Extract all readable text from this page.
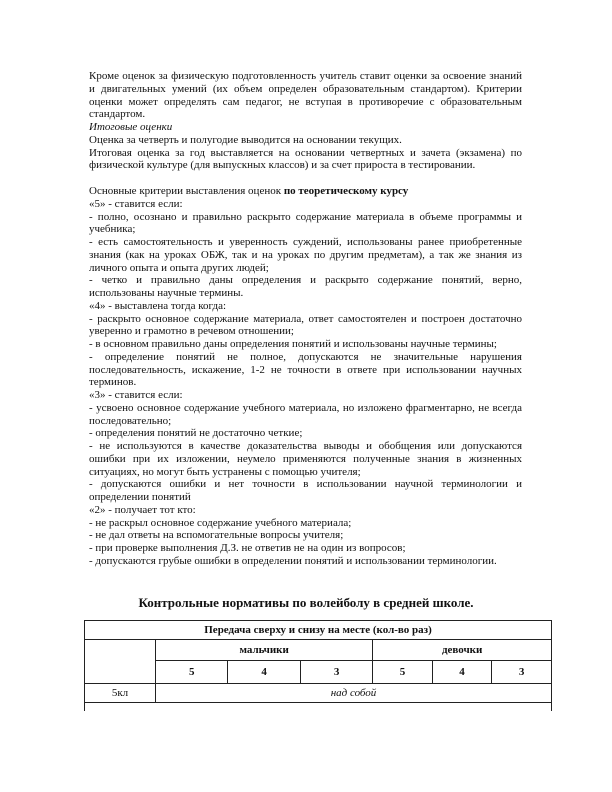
Кроме оценок за физическую подготовленность учитель ставит оценки за освоение знаний и двигательных умений (их объем определен образовательным стандартом). Критерии оценки может определять сам педагог, не вступая в противоречие с образовательным стандартом.

Итоговые оценки

Оценка за четверть и полугодие выводится на основании текущих.

Итоговая оценка за год выставляется на основании четвертных и зачета (экзамена) по физической культуре (для выпускных классов) и за счет прироста в тестировании.

Основные критерии выставления оценок по теоретическому курсу

«5» - ставится если:

- полно, осознано и правильно раскрыто содержание материала в объеме программы и учебника;

- есть самостоятельность и уверенность суждений, использованы ранее приобретенные знания (как на уроках ОБЖ, так и на уроках по другим предметам), а так же знания из личного опыта и опыта других людей;

- четко и правильно даны определения и раскрыто содержание понятий, верно, использованы научные термины.

«4» - выставлена тогда когда:

- раскрыто основное содержание материала, ответ самостоятелен и построен достаточно уверенно и грамотно в речевом отношении;

- в основном правильно даны определения понятий и использованы научные термины;

- определение понятий не полное, допускаются не значительные нарушения последовательность, искажение, 1-2 не точности в ответе при использовании научных терминов.

«3» - ставится если:

- усвоено основное содержание учебного материала, но изложено фрагментарно, не всегда последовательно;

- определения понятий не достаточно четкие;

- не используются в качестве доказательства выводы и обобщения или допускаются ошибки при их изложении, неумело применяются полученные знания в жизненных ситуациях, но могут быть устранены с помощью учителя;

- допускаются ошибки и нет точности в использовании научной терминологии и определении понятий

«2» - получает тот кто:

- не раскрыл основное содержание учебного материала;

- не дал ответы на вспомогательные вопросы учителя;

- при проверке выполнения Д.З. не ответив не на один из вопросов;

- допускаются грубые ошибки в определении понятий и использовании терминологии.

Контрольные нормативы по волейболу в средней школе.
Передача сверху и снизу на месте (кол-во раз)						
	мальчики			девочки		
	5	4	3	5	4	3
5кл	над собой					
